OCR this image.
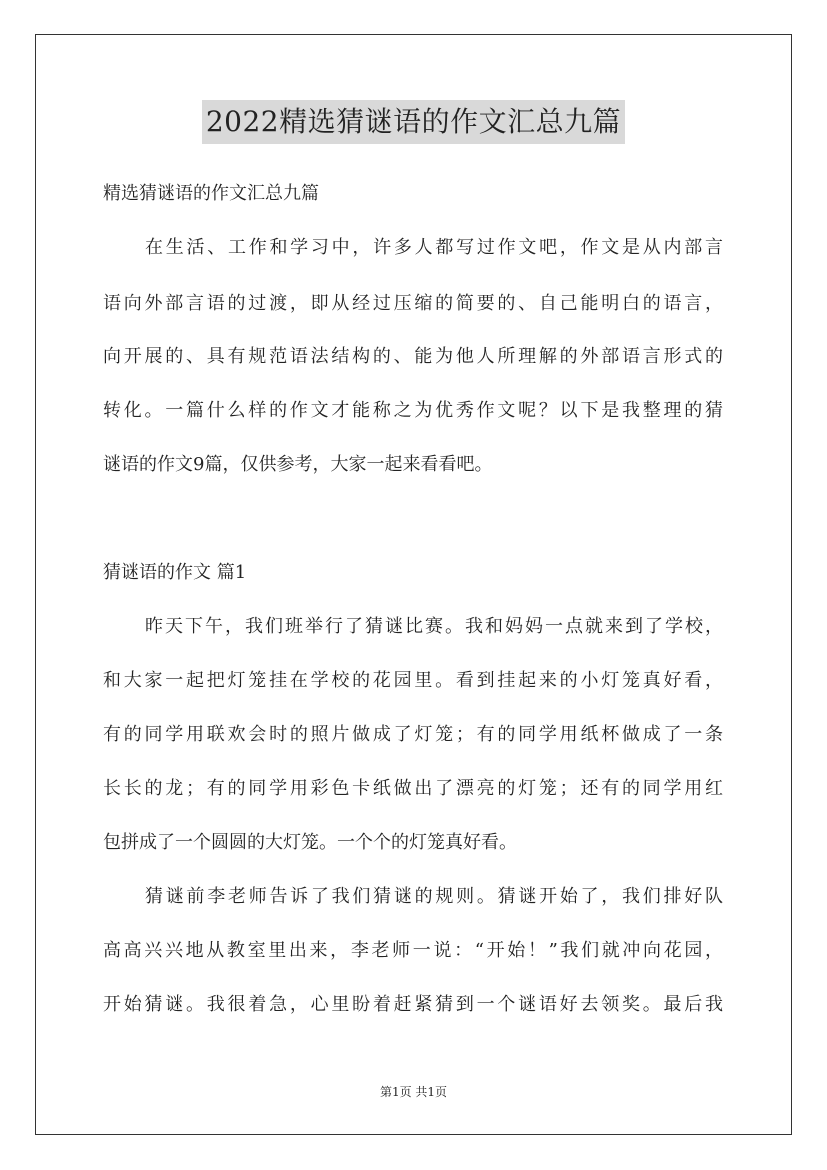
2022精选猜谜语的作文汇总九篇

精选猜谜语的作文汇总九篇

在生活、工作和学习中，许多人都写过作文吧，作文是从内部言

语向外部言语的过渡，即从经过压缩的简要的、自己能明白的语言，

向开展的、具有规范语法结构的、能为他人所理解的外部语言形式的

转化。一篇什么样的作文才能称之为优秀作文呢？以下是我整理的猜

谜语的作文9篇，仅供参考，大家一起来看看吧。

猜谜语的作文 篇1

昨天下午，我们班举行了猜谜比赛。我和妈妈一点就来到了学校，

和大家一起把灯笼挂在学校的花园里。看到挂起来的小灯笼真好看，

有的同学用联欢会时的照片做成了灯笼；有的同学用纸杯做成了一条

长长的龙；有的同学用彩色卡纸做出了漂亮的灯笼；还有的同学用红

包拼成了一个圆圆的大灯笼。一个个的灯笼真好看。

猜谜前李老师告诉了我们猜谜的规则。猜谜开始了，我们排好队

高高兴兴地从教室里出来，李老师一说：“开始！”我们就冲向花园，

开始猜谜。我很着急，心里盼着赶紧猜到一个谜语好去领奖。最后我

第1页 共1页
